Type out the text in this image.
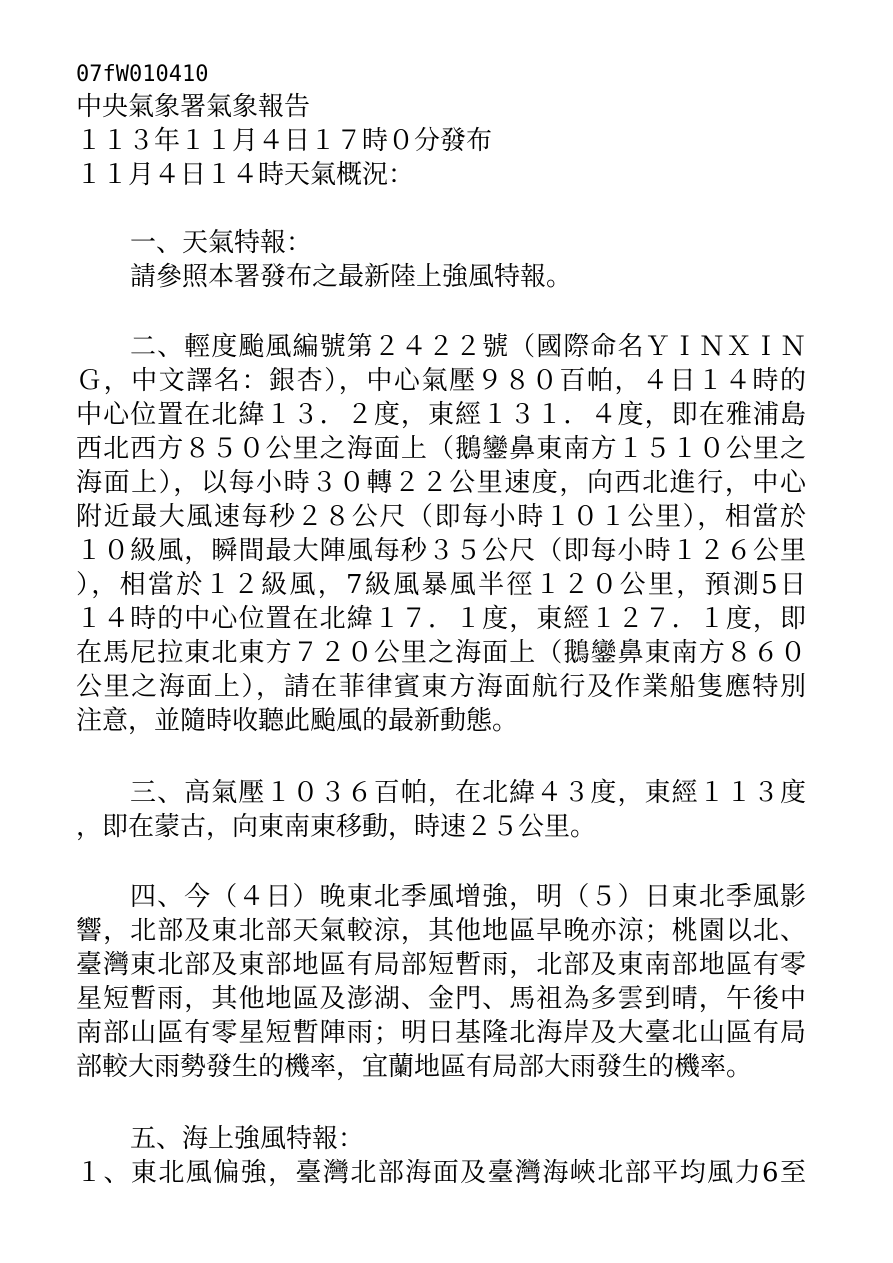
07fW010410
中央氣象署氣象報告
１１３年１１月４日１７時０分發布
１１月４日１４時天氣概況：
一、天氣特報：
請參照本署發布之最新陸上強風特報。
二、輕度颱風編號第２４２２號（國際命名ＹＩＮＸＩＮ
Ｇ，中文譯名：銀杏），中心氣壓９８０百帕，４日１４時的
中心位置在北緯１３．２度，東經１３１．４度，即在雅浦島
西北西方８５０公里之海面上（鵝鑾鼻東南方１５１０公里之
海面上），以每小時３０轉２２公里速度，向西北進行，中心
附近最大風速每秒２８公尺（即每小時１０１公里），相當於
１０級風，瞬間最大陣風每秒３５公尺（即每小時１２６公里
），相當於１２級風，7級風暴風半徑１２０公里，預測5日
１４時的中心位置在北緯１７．１度，東經１２７．１度，即
在馬尼拉東北東方７２０公里之海面上（鵝鑾鼻東南方８６０
公里之海面上），請在菲律賓東方海面航行及作業船隻應特別
注意，並隨時收聽此颱風的最新動態。
三、高氣壓１０３６百帕，在北緯４３度，東經１１３度
，即在蒙古，向東南東移動，時速２５公里。
四、今（４日）晚東北季風增強，明（５）日東北季風影
響，北部及東北部天氣較涼，其他地區早晚亦涼；桃園以北、
臺灣東北部及東部地區有局部短暫雨，北部及東南部地區有零
星短暫雨，其他地區及澎湖、金門、馬祖為多雲到晴，午後中
南部山區有零星短暫陣雨；明日基隆北海岸及大臺北山區有局
部較大雨勢發生的機率，宜蘭地區有局部大雨發生的機率。
五、海上強風特報：
１、東北風偏強，臺灣北部海面及臺灣海峽北部平均風力6至
